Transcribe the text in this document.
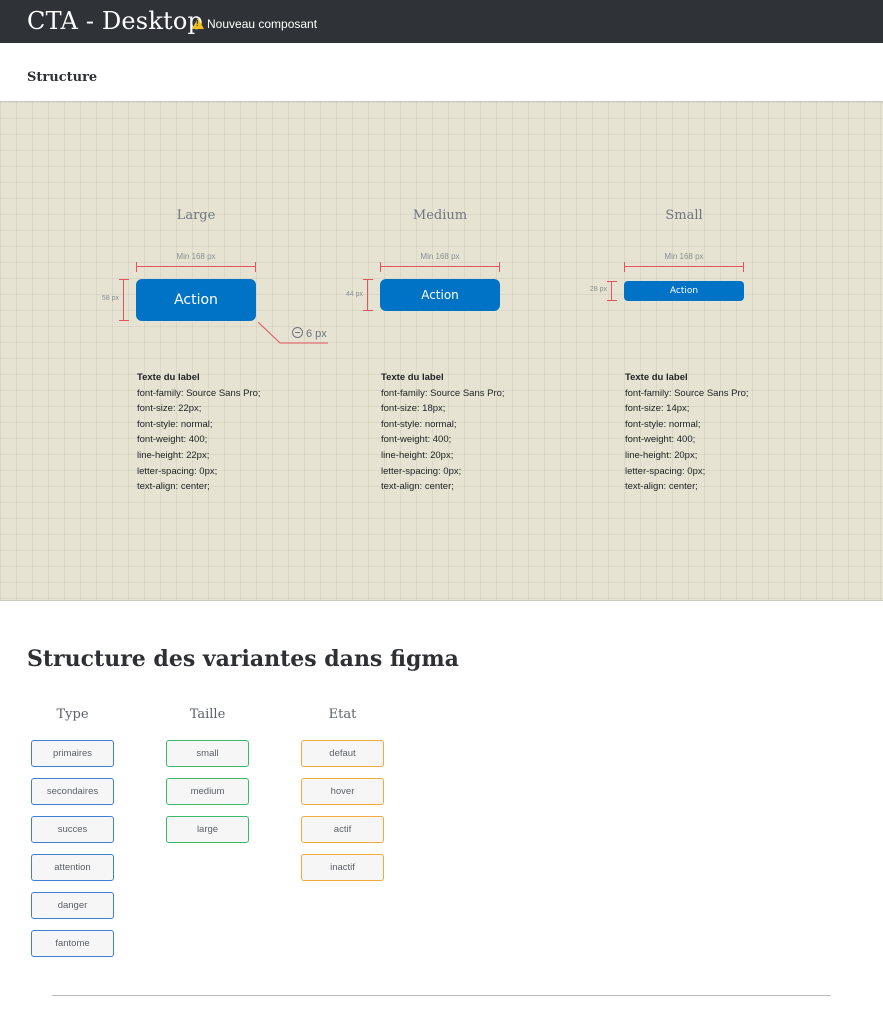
CTA - Desktop
! Nouveau composant
Structure
Large
Min 168 px
58 px	Action
6 px
Texte du label
font-family: Source Sans Pro;
font-size: 22px;
font-style: normal;
font-weight: 400;
line-height: 22px;
letter-spacing: 0px;
text-align: center;
Medium
Min 168 px
44 px	Action
Texte du label
font-family: Source Sans Pro;
font-size: 18px;
font-style: normal;
font-weight: 400;
line-height: 20px;
letter-spacing: 0px;
text-align: center;
Small
Min 168 px
28 px	Action
Texte du label
font-family: Source Sans Pro;
font-size: 14px;
font-style: normal;
font-weight: 400;
line-height: 20px;
letter-spacing: 0px;
text-align: center;
Structure des variantes dans figma
Type
primaires
secondaires
succes
attention
danger
fantome
Taille
small
medium
large
Etat
defaut
hover
actif
inactif
